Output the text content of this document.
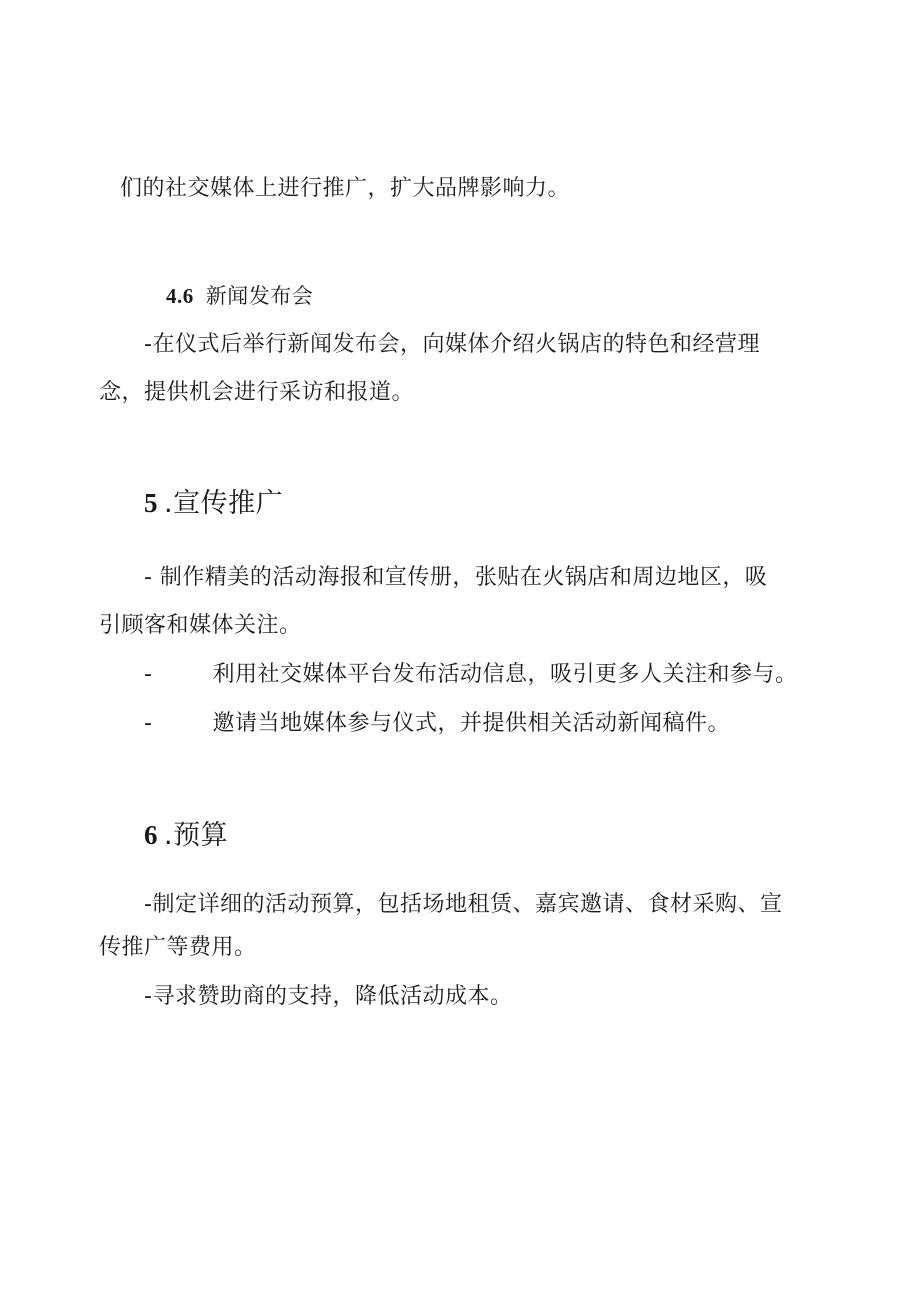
们的社交媒体上进行推广，扩大品牌影响力。

4.6 新闻发布会

-在仪式后举行新闻发布会，向媒体介绍火锅店的特色和经营理

念，提供机会进行采访和报道。

5 .宣传推广

- 制作精美的活动海报和宣传册，张贴在火锅店和周边地区，吸

引顾客和媒体关注。

-	利用社交媒体平台发布活动信息，吸引更多人关注和参与。

-	邀请当地媒体参与仪式，并提供相关活动新闻稿件。

6 .预算

-制定详细的活动预算，包括场地租赁、嘉宾邀请、食材采购、宣

传推广等费用。

-寻求赞助商的支持，降低活动成本。
